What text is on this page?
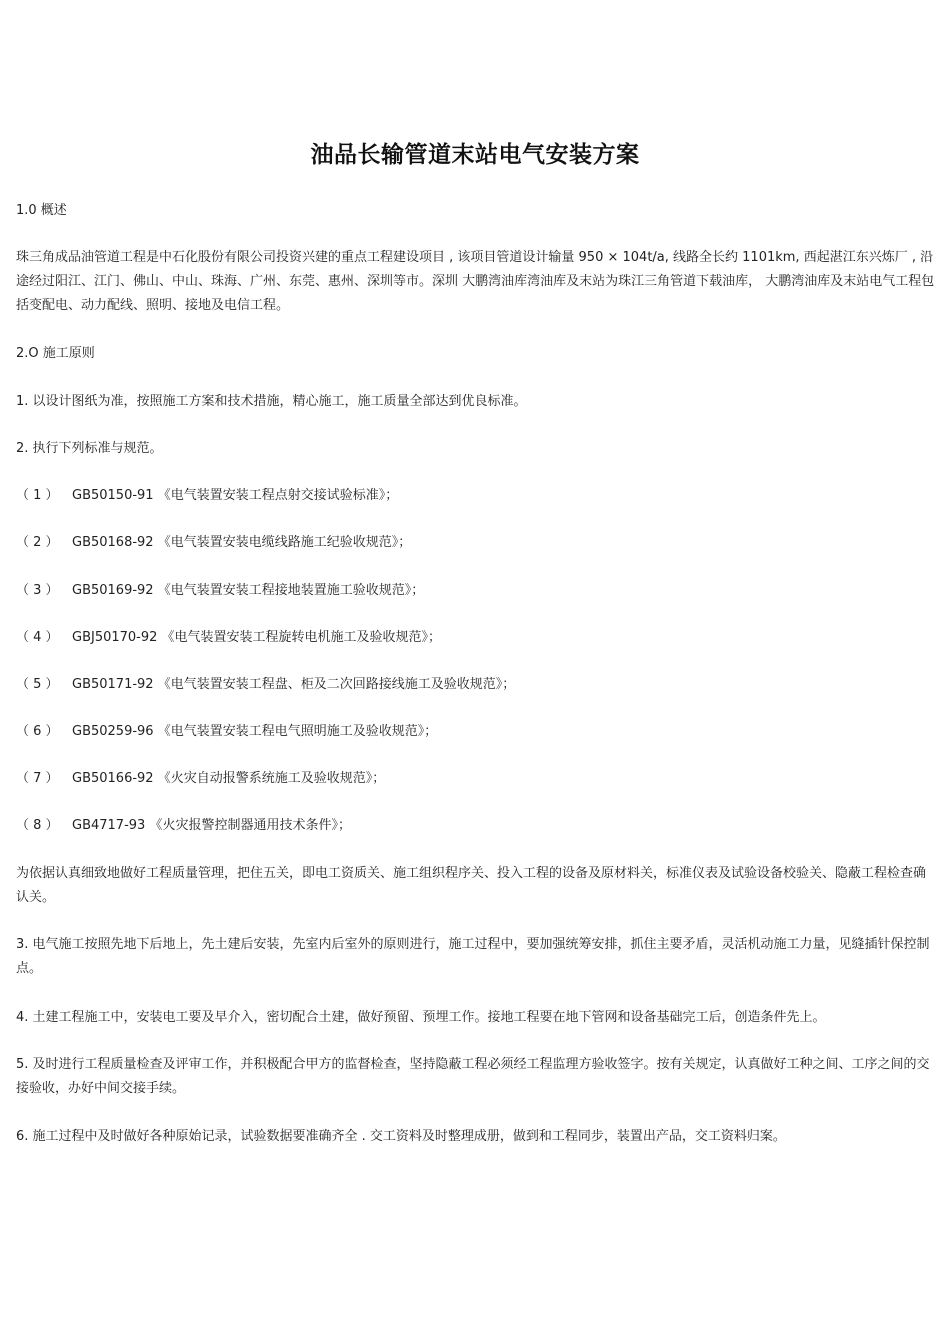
油品长输管道末站电气安装方案

1.0 概述

珠三角成品油管道工程是中石化股份有限公司投资兴建的重点工程建设项目 , 该项目管道设计输量 950 × 104t/a, 线路全长约 1101km, 西起湛江东兴炼厂 , 沿途经过阳江、江门、佛山、中山、珠海、广州、东莞、惠州、深圳等市。深圳 大鹏湾油库湾油库及末站为珠江三角管道下载油库， 大鹏湾油库及末站电气工程包括变配电、动力配线、照明、接地及电信工程。

2.O 施工原则

1. 以设计图纸为准，按照施工方案和技术措施，精心施工，施工质量全部达到优良标准。

2. 执行下列标准与规范。

（ 1 ） GB50150-91 《电气装置安装工程点射交接试验标准》；
（ 2 ） GB50168-92 《电气装置安装电缆线路施工纪验收规范》；
（ 3 ） GB50169-92 《电气装置安装工程接地装置施工验收规范》；
（ 4 ） GBJ50170-92 《电气装置安装工程旋转电机施工及验收规范》；
（ 5 ） GB50171-92 《电气装置安装工程盘、柜及二次回路接线施工及验收规范》；
（ 6 ） GB50259-96 《电气装置安装工程电气照明施工及验收规范》；
（ 7 ） GB50166-92 《火灾自动报警系统施工及验收规范》；
（ 8 ） GB4717-93 《火灾报警控制器通用技术条件》；

为依据认真细致地做好工程质量管理，把住五关，即电工资质关、施工组织程序关、投入工程的设备及原材料关，标准仪表及试验设备校验关、隐蔽工程检查确认关。

3. 电气施工按照先地下后地上，先土建后安装，先室内后室外的原则进行，施工过程中，要加强统筹安排，抓住主要矛盾，灵活机动施工力量，见缝插针保控制点。

4. 土建工程施工中，安装电工要及早介入，密切配合土建，做好预留、预埋工作。接地工程要在地下管网和设备基础完工后，创造条件先上。

5. 及时进行工程质量检查及评审工作，并积极配合甲方的监督检查，坚持隐蔽工程必须经工程监理方验收签字。按有关规定，认真做好工种之间、工序之间的交接验收，办好中间交接手续。

6. 施工过程中及时做好各种原始记录，试验数据要准确齐全 . 交工资料及时整理成册，做到和工程同步，装置出产品，交工资料归案。
